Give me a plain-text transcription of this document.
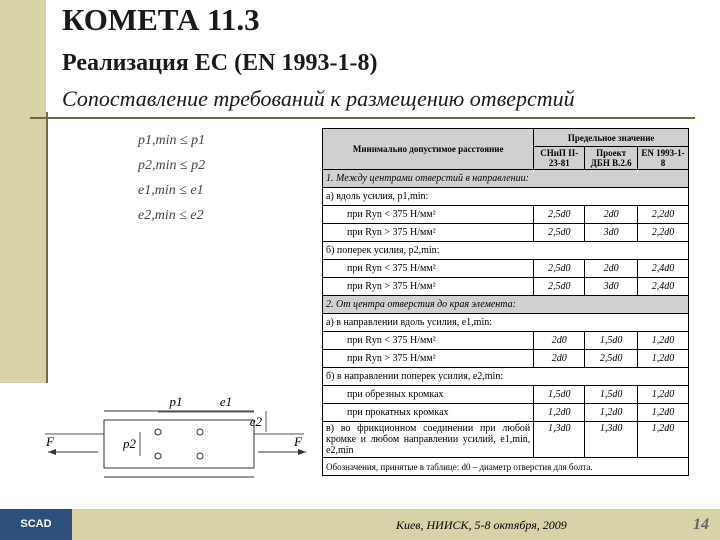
КОМЕТА 11.3
Реализация ЕС (EN 1993-1-8)
Сопоставление требований к размещению отверстий
p1,min ≤ p1
p2,min ≤ p2
e1,min ≤ e1
e2,min ≤ e2
Минимально допустимое расстояние	Предельное значение		
	СНиП II-23-81	Проект ДБН В.2.6	EN 1993-1-8
1. Между центрами отверстий в направлении:			
а) вдоль усилия, p1,min:			
при Rуn < 375 Н/мм²	2,5d0	2d0	2,2d0
при Rуn > 375 Н/мм²	2,5d0	3d0	2,2d0
б) поперек усилия, p2,min:			
при Rуn < 375 Н/мм²	2,5d0	2d0	2,4d0
при Rуn > 375 Н/мм²	2,5d0	3d0	2,4d0
2. От центра отверстия до края элемента:			
а) в направлении вдоль усилия, e1,min:			
при Rуn < 375 Н/мм²	2d0	1,5d0	1,2d0
при Rуn > 375 Н/мм²	2d0	2,5d0	1,2d0
б) в направлении поперек усилия, e2,min:			
при обрезных кромках	1,5d0	1,5d0	1,2d0
при прокатных кромках	1,2d0	1,2d0	1,2d0
в) во фрикционном соединении при любой кромке и любом направлении усилий, e1,min, e2,min	1,3d0	1,3d0	1,2d0
Обозначения, принятые в таблице: d0 – диаметр отверстия для болта.			
p1	e1
e2
p2
F	F
SCAD	Киев, НИИСК, 5-8 октября, 2009	14
